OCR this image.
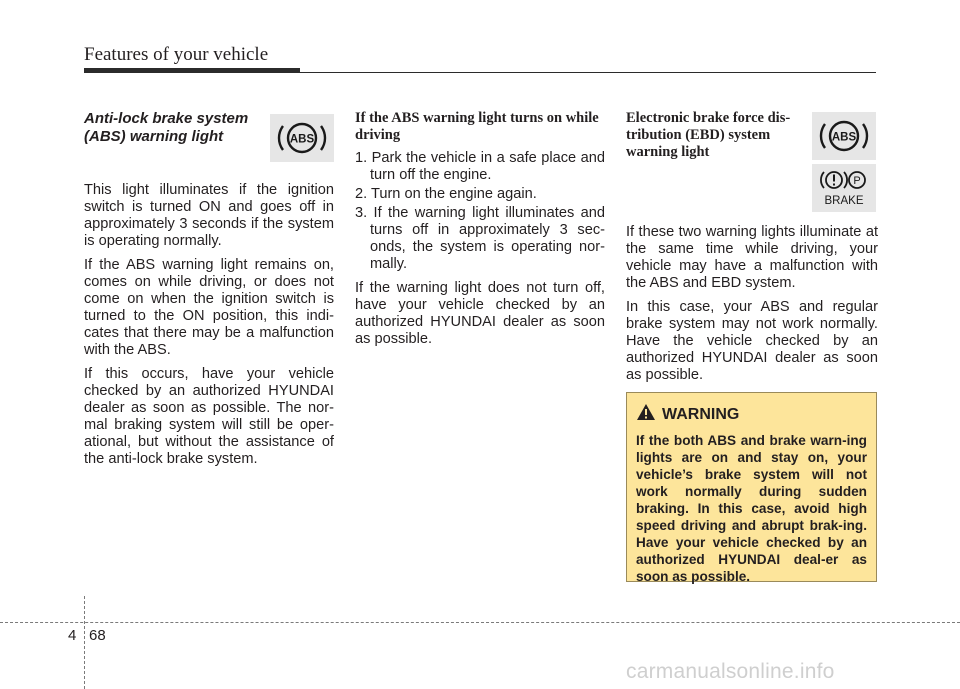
Features of your vehicle
Anti-lock brake system (ABS) warning light

This light illuminates if the ignition switch is turned ON and goes off in approximately 3 seconds if the system is operating normally.

If the ABS warning light remains on, comes on while driving, or does not come on when the ignition switch is turned to the ON position, this indi-cates that there may be a malfunction with the ABS.

If this occurs, have your vehicle checked by an authorized HYUNDAI dealer as soon as possible. The nor-mal braking system will still be oper-ational, but without the assistance of the anti-lock brake system.

ABS
If the ABS warning light turns on while driving
1. Park the vehicle in a safe place and turn off the engine.
2. Turn on the engine again.
3. If the warning light illuminates and turns off in approximately 3 sec-onds, the system is operating nor-mally.

If the warning light does not turn off, have your vehicle checked by an authorized HYUNDAI dealer as soon as possible.

Electronic brake force dis-tribution (EBD) system warning light

If these two warning lights illuminate at the same time while driving, your vehicle may have a malfunction with the ABS and EBD system.

In this case, your ABS and regular brake system may not work normally. Have the vehicle checked by an authorized HYUNDAI dealer as soon as possible.

ABS
P
BRAKE
WARNING

If the both ABS and brake warn-ing lights are on and stay on, your vehicle’s brake system will not work normally during sudden braking. In this case, avoid high speed driving and abrupt brak-ing. Have your vehicle checked by an authorized HYUNDAI deal-er as soon as possible.

4 68
carmanualsonline.info
